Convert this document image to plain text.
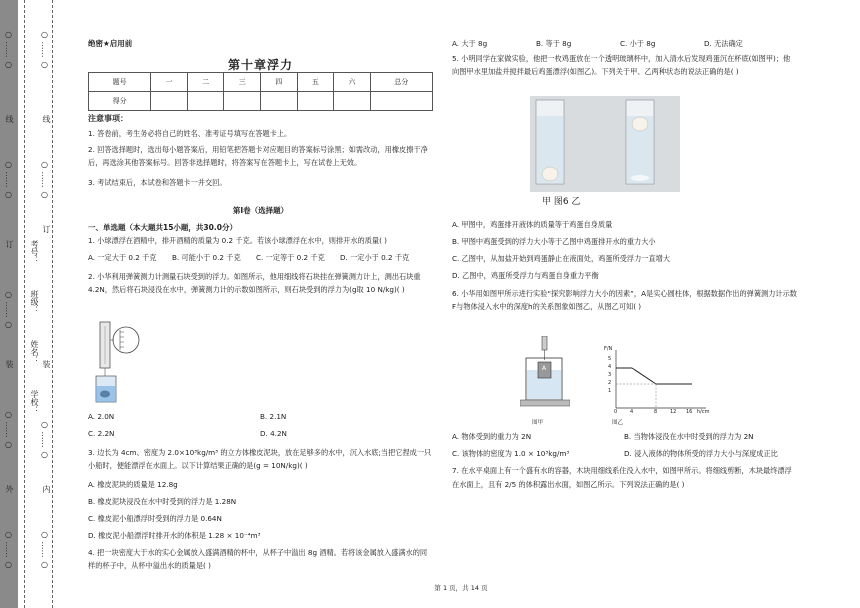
○ …… ○
线
○ …… ○
订
○ …… ○
装
○ …… ○
外
○ …… ○
学校：
姓名：
班级：
考号：
○ …… ○
线
○ …… ○
订
装
○ …… ○
内
○ …… ○
绝密★启用前
第十章浮力
题号	一	二	三	四	五	六	总分
得分							
注意事项：
1. 答卷前，考生务必将自己的姓名、准考证号填写在答题卡上。
2. 回答选择题时，选出每小题答案后，用铅笔把答题卡对应题目的答案标号涂黑；如需改动，用橡皮擦干净后，再选涂其他答案标号。回答非选择题时，将答案写在答题卡上，写在试卷上无效。
3. 考试结束后，本试卷和答题卡一并交回。
第Ⅰ卷（选择题）
一、单选题（本大题共15小题，共30.0分）
1. 小球漂浮在酒精中，排开酒精的质量为 0.2 千克。若该小球漂浮在水中，则排开水的质量( )
A. 一定大于 0.2 千克 B. 可能小于 0.2 千克 C. 一定等于 0.2 千克 D. 一定小于 0.2 千克
2. 小华利用弹簧测力计测量石块受到的浮力。如图所示，他用细线将石块挂在弹簧测力计上，测出石块重 4.2N，然后将石块浸没在水中，弹簧测力计的示数如图所示，则石块受到的浮力为(g取 10 N/kg)( )
A. 2.0N	B. 2.1N
C. 2.2N	D. 4.2N
3. 边长为 4cm、密度为 2.0×10³kg/m³ 的立方体橡皮泥块，放在足够多的水中，沉入水底;当把它捏成一只小船时，便能漂浮在水面上。以下计算结果正确的是(g = 10N/kg)( )
A. 橡皮泥块的质量是 12.8g
B. 橡皮泥块浸没在水中时受到的浮力是 1.28N
C. 橡皮泥小船漂浮时受到的浮力是 0.64N
D. 橡皮泥小船漂浮时排开水的体积是 1.28 × 10⁻⁴m³
4. 把一块密度大于水的实心金属放入盛满酒精的杯中，从杯子中溢出 8g 酒精。若将该金属放入盛满水的同样的杯子中，从杯中溢出水的质量是( )
A. 大于 8g	B. 等于 8g	C. 小于 8g	D. 无法确定
5. 小明同学在家做实验，他把一枚鸡蛋放在一个透明玻璃杯中，加入清水后发现鸡蛋沉在杯底(如图甲)；他向图甲水里加盐并搅拌最后鸡蛋漂浮(如图乙)。下列关于甲、乙两种状态的说法正确的是( )
甲 图6 乙
A. 甲图中，鸡蛋排开液体的质量等于鸡蛋自身质量
B. 甲图中鸡蛋受到的浮力大小等于乙图中鸡蛋排开水的重力大小
C. 乙图中，从加盐开始到鸡蛋静止在液面处，鸡蛋所受浮力一直增大
D. 乙图中，鸡蛋所受浮力与鸡蛋自身重力平衡
6. 小华用如图甲所示进行实验“探究影响浮力大小的因素”，A是实心圆柱体，根据数据作出的弹簧测力计示数F与物体浸入水中的深度h的关系图象如图乙，从图乙可知( )
A
图甲
F/N
h/cm
5
4
3
2
1
0	4	8	12 16
图乙
A. 物体受到的重力为 2N	B. 当物体浸没在水中时受到的浮力为 2N
C. 该物体的密度为 1.0 × 10³kg/m³	D. 浸入液体的物体所受的浮力大小与深度成正比
7. 在水平桌面上有一个盛有水的容器，木块用细线系住没入水中，如图甲所示。将细线剪断，木块最终漂浮在水面上，且有 2/5 的体积露出水面，如图乙所示。下列说法正确的是( )
第 1 页，共 14 页
